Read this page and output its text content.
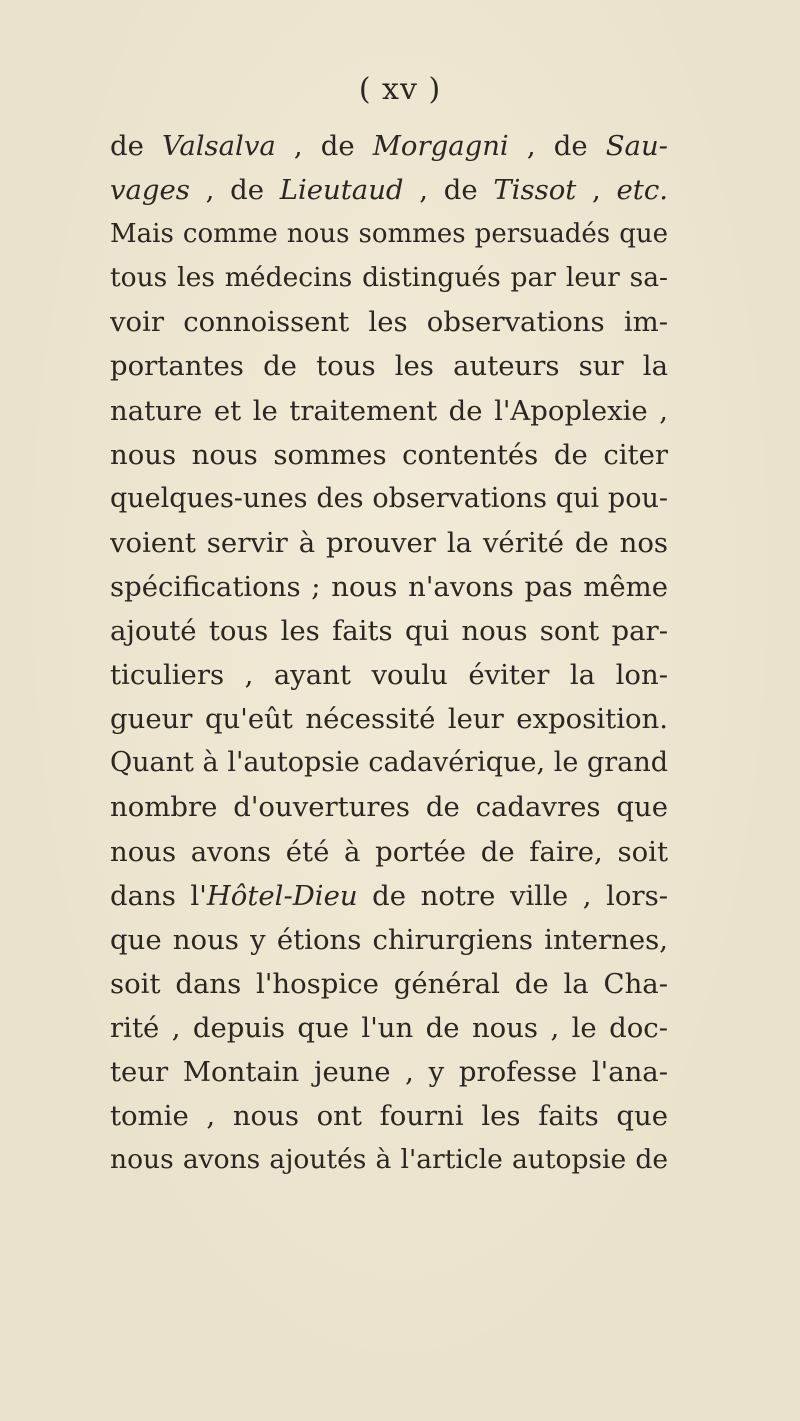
( xv )
de Valsalva , de Morgagni , de Sau-
vages , de Lieutaud , de Tissot , etc.
Mais comme nous sommes persuadés que
tous les médecins distingués par leur sa-
voir connoissent les observations im-
portantes de tous les auteurs sur la
nature et le traitement de l'Apoplexie ,
nous nous sommes contentés de citer
quelques-unes des observations qui pou-
voient servir à prouver la vérité de nos
spécifications ; nous n'avons pas même
ajouté tous les faits qui nous sont par-
ticuliers , ayant voulu éviter la lon-
gueur qu'eût nécessité leur exposition.
Quant à l'autopsie cadavérique, le grand
nombre d'ouvertures de cadavres que
nous avons été à portée de faire, soit
dans l'Hôtel-Dieu de notre ville , lors-
que nous y étions chirurgiens internes,
soit dans l'hospice général de la Cha-
rité , depuis que l'un de nous , le doc-
teur Montain jeune , y professe l'ana-
tomie , nous ont fourni les faits que
nous avons ajoutés à l'article autopsie de
